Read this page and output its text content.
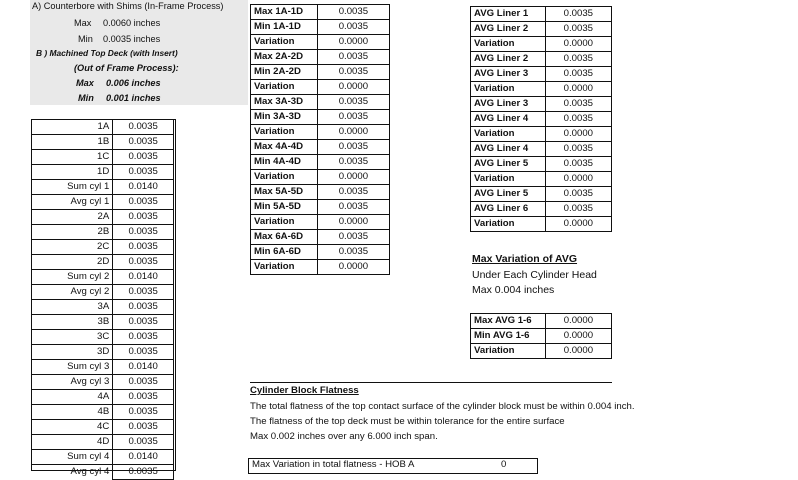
A) Counterbore with Shims (In-Frame Process)
Max 0.0060 inches
Min 0.0035 inches
B ) Machined Top Deck (with Insert)
(Out of Frame Process):
Max 0.006 inches
Min 0.001 inches
1A	0.0035
1B	0.0035
1C	0.0035
1D	0.0035
Sum cyl 1	0.0140
Avg cyl 1	0.0035
2A	0.0035
2B	0.0035
2C	0.0035
2D	0.0035
Sum cyl 2	0.0140
Avg cyl 2	0.0035
3A	0.0035
3B	0.0035
3C	0.0035
3D	0.0035
Sum cyl 3	0.0140
Avg cyl 3	0.0035
4A	0.0035
4B	0.0035
4C	0.0035
4D	0.0035
Sum cyl 4	0.0140
Avg cyl 4	0.0035
Max 1A-1D	0.0035
Min 1A-1D	0.0035
Variation	0.0000
Max 2A-2D	0.0035
Min 2A-2D	0.0035
Variation	0.0000
Max 3A-3D	0.0035
Min 3A-3D	0.0035
Variation	0.0000
Max 4A-4D	0.0035
Min 4A-4D	0.0035
Variation	0.0000
Max 5A-5D	0.0035
Min 5A-5D	0.0035
Variation	0.0000
Max 6A-6D	0.0035
Min 6A-6D	0.0035
Variation	0.0000
AVG Liner 1	0.0035
AVG Liner 2	0.0035
Variation	0.0000
AVG Liner 2	0.0035
AVG Liner 3	0.0035
Variation	0.0000
AVG Liner 3	0.0035
AVG Liner 4	0.0035
Variation	0.0000
AVG Liner 4	0.0035
AVG Liner 5	0.0035
Variation	0.0000
AVG Liner 5	0.0035
AVG Liner 6	0.0035
Variation	0.0000
Max Variation of AVG
Under Each Cylinder Head
Max 0.004 inches
Max AVG 1-6	0.0000
Min AVG 1-6	0.0000
Variation	0.0000
Cylinder Block Flatness
The total flatness of the top contact surface of the cylinder block must be within 0.004 inch.
The flatness of the top deck must be within tolerance for the entire surface
Max 0.002 inches over any 6.000 inch span.
Max Variation in total flatness - HOB A	0
